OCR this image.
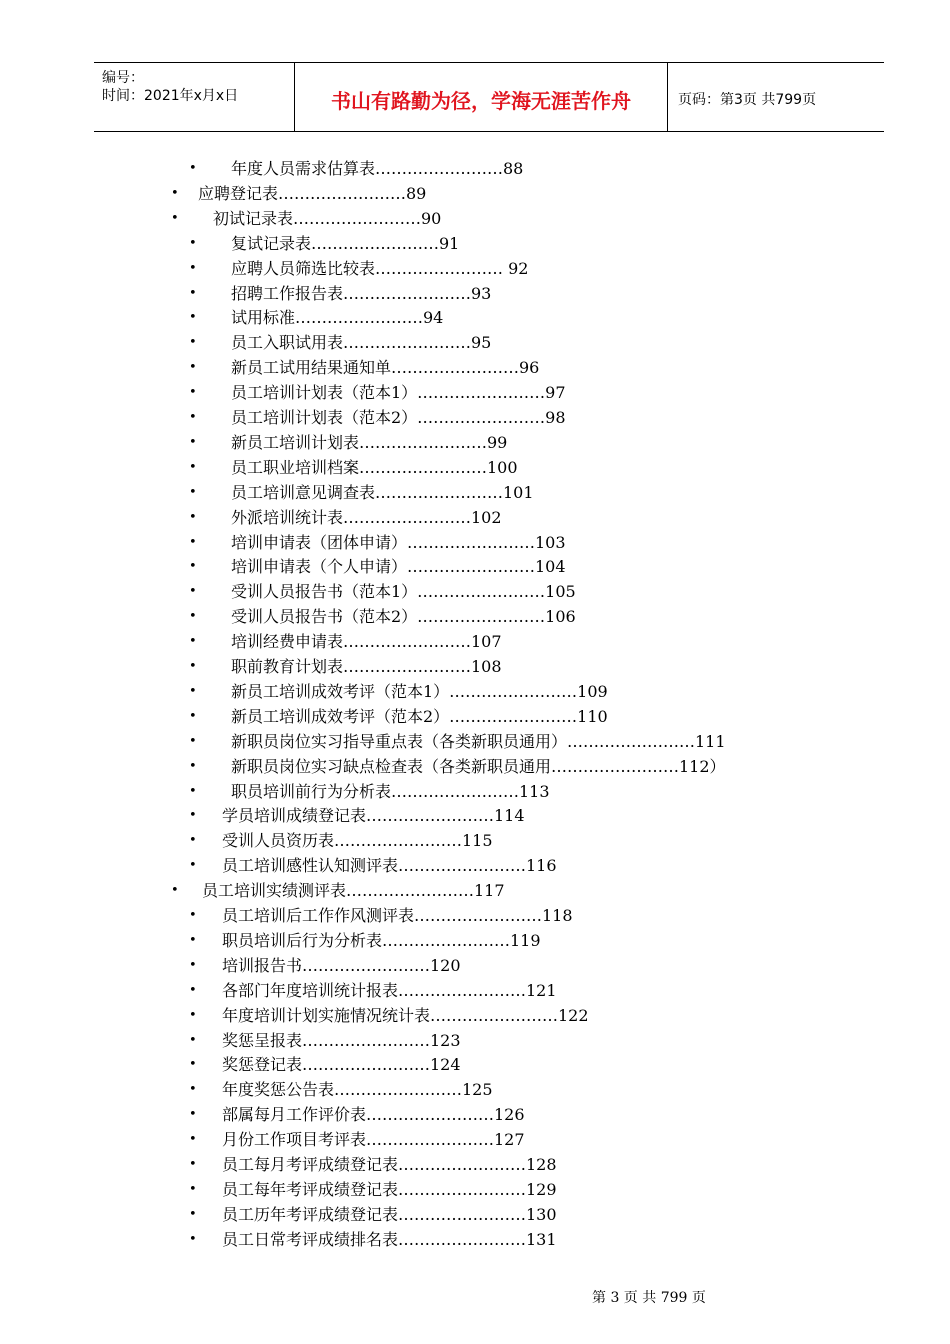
编号：
时间：2021年x月x日	书山有路勤为径，学海无涯苦作舟	页码：第3页 共799页
• 年度人员需求估算表……………………88
• 应聘登记表……………………89
• 初试记录表……………………90
• 复试记录表……………………91
• 应聘人员筛选比较表…………………… 92
• 招聘工作报告表……………………93
• 试用标准……………………94
• 员工入职试用表……………………95
• 新员工试用结果通知单……………………96
• 员工培训计划表（范本1）……………………97
• 员工培训计划表（范本2）……………………98
• 新员工培训计划表……………………99
• 员工职业培训档案……………………100
• 员工培训意见调查表……………………101
• 外派培训统计表……………………102
• 培训申请表（团体申请）……………………103
• 培训申请表（个人申请）……………………104
• 受训人员报告书（范本1）……………………105
• 受训人员报告书（范本2）……………………106
• 培训经费申请表……………………107
• 职前教育计划表……………………108
• 新员工培训成效考评（范本1）……………………109
• 新员工培训成效考评（范本2）……………………110
• 新职员岗位实习指导重点表（各类新职员通用）……………………111
• 新职员岗位实习缺点检查表（各类新职员通用……………………112）
• 职员培训前行为分析表……………………113
• 学员培训成绩登记表……………………114
• 受训人员资历表……………………115
• 员工培训感性认知测评表……………………116
• 员工培训实绩测评表……………………117
• 员工培训后工作作风测评表……………………118
• 职员培训后行为分析表……………………119
• 培训报告书……………………120
• 各部门年度培训统计报表……………………121
• 年度培训计划实施情况统计表……………………122
• 奖惩呈报表……………………123
• 奖惩登记表……………………124
• 年度奖惩公告表……………………125
• 部属每月工作评价表……………………126
• 月份工作项目考评表……………………127
• 员工每月考评成绩登记表……………………128
• 员工每年考评成绩登记表……………………129
• 员工历年考评成绩登记表……………………130
• 员工日常考评成绩排名表……………………131
第 3 页 共 799 页
